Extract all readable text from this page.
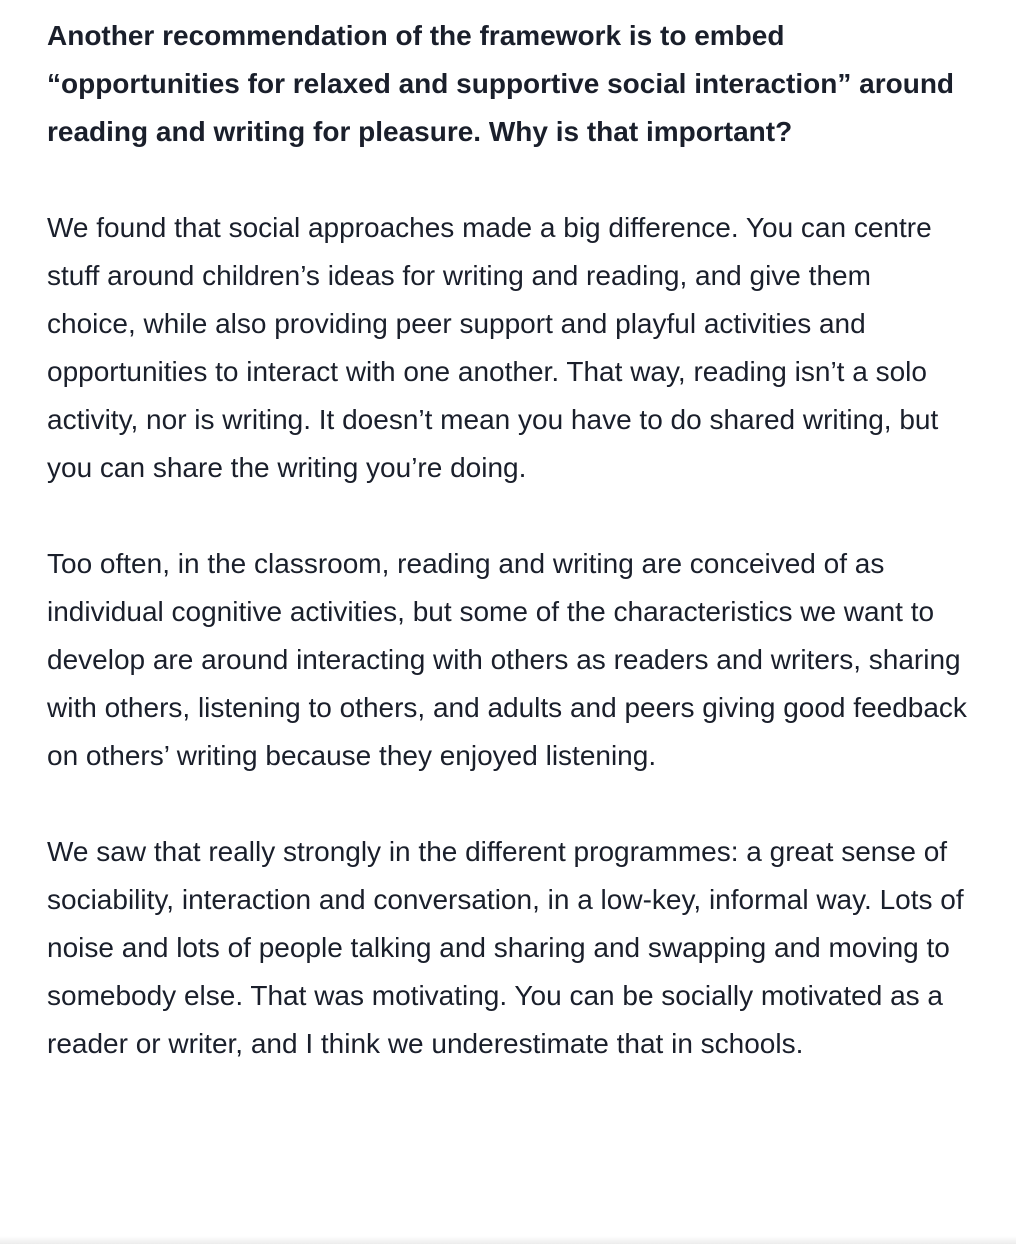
Another recommendation of the framework is to embed “opportunities for relaxed and supportive social interaction” around reading and writing for pleasure. Why is that important?

We found that social approaches made a big difference. You can centre stuff around children’s ideas for writing and reading, and give them choice, while also providing peer support and playful activities and opportunities to interact with one another. That way, reading isn’t a solo activity, nor is writing. It doesn’t mean you have to do shared writing, but you can share the writing you’re doing.

Too often, in the classroom, reading and writing are conceived of as individual cognitive activities, but some of the characteristics we want to develop are around interacting with others as readers and writers, sharing with others, listening to others, and adults and peers giving good feedback on others’ writing because they enjoyed listening.

We saw that really strongly in the different programmes: a great sense of sociability, interaction and conversation, in a low-key, informal way. Lots of noise and lots of people talking and sharing and swapping and moving to somebody else. That was motivating. You can be socially motivated as a reader or writer, and I think we underestimate that in schools.
